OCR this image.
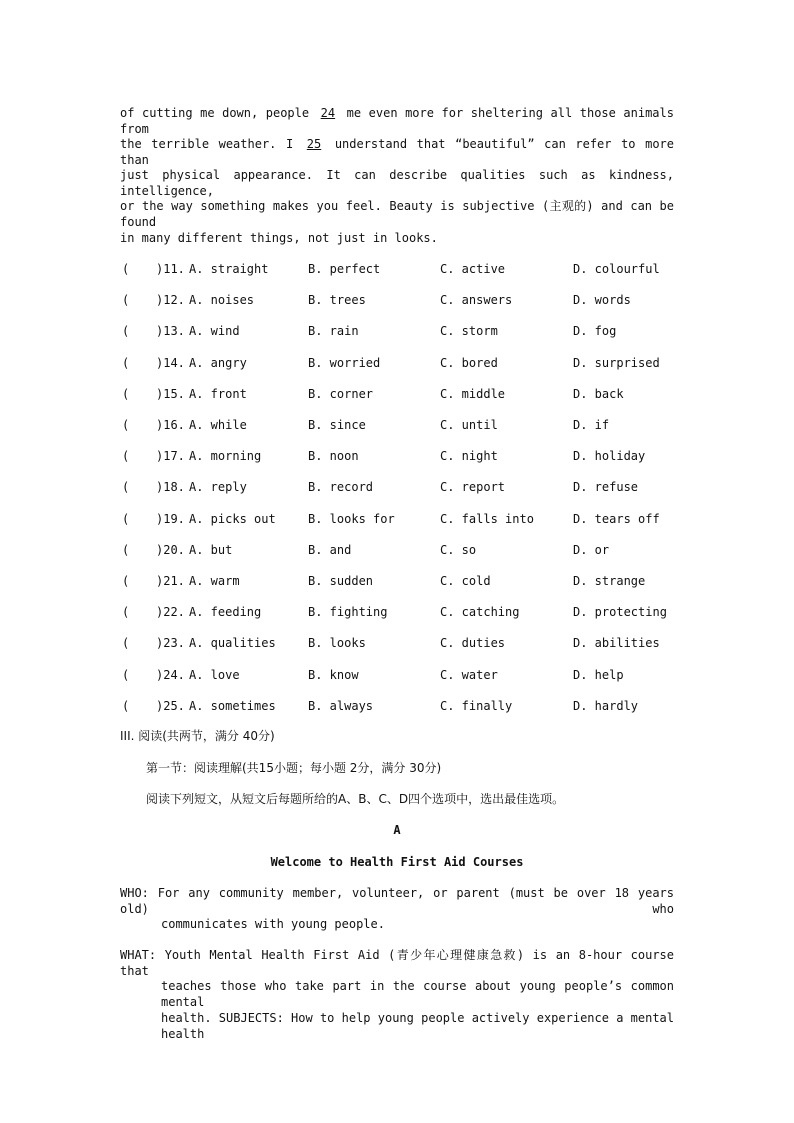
of cutting me down, people 24 me even more for sheltering all those animals from
the terrible weather. I 25 understand that “beautiful” can refer to more than
just physical appearance. It can describe qualities such as kindness, intelligence,
or the way something makes you feel. Beauty is subjective (主观的) and can be found
in many different things, not just in looks.
( )11. A. straight	B. perfect	C. active	D. colourful
( )12. A. noises	B. trees	C. answers	D. words
( )13. A. wind	B. rain	C. storm	D. fog
( )14. A. angry	B. worried	C. bored	D. surprised
( )15. A. front	B. corner	C. middle	D. back
( )16. A. while	B. since	C. until	D. if
( )17. A. morning	B. noon	C. night	D. holiday
( )18. A. reply	B. record	C. report	D. refuse
( )19. A. picks out	B. looks for	C. falls into	D. tears off
( )20. A. but	B. and	C. so	D. or
( )21. A. warm	B. sudden	C. cold	D. strange
( )22. A. feeding	B. fighting	C. catching	D. protecting
( )23. A. qualities	B. looks	C. duties	D. abilities
( )24. A. love	B. know	C. water	D. help
( )25. A. sometimes	B. always	C. finally	D. hardly
III. 阅读(共两节，满分 40分)
第一节：阅读理解(共15小题；每小题 2分，满分 30分)
阅读下列短文，从短文后每题所给的A、B、C、D四个选项中，选出最佳选项。
A
Welcome to Health First Aid Courses
WHO: For any community member, volunteer, or parent (must be over 18 years old) who
communicates with young people.
WHAT: Youth Mental Health First Aid (青少年心理健康急救) is an 8-hour course that
teaches those who take part in the course about young people’s common mental
health. SUBJECTS: How to help young people actively experience a mental health
